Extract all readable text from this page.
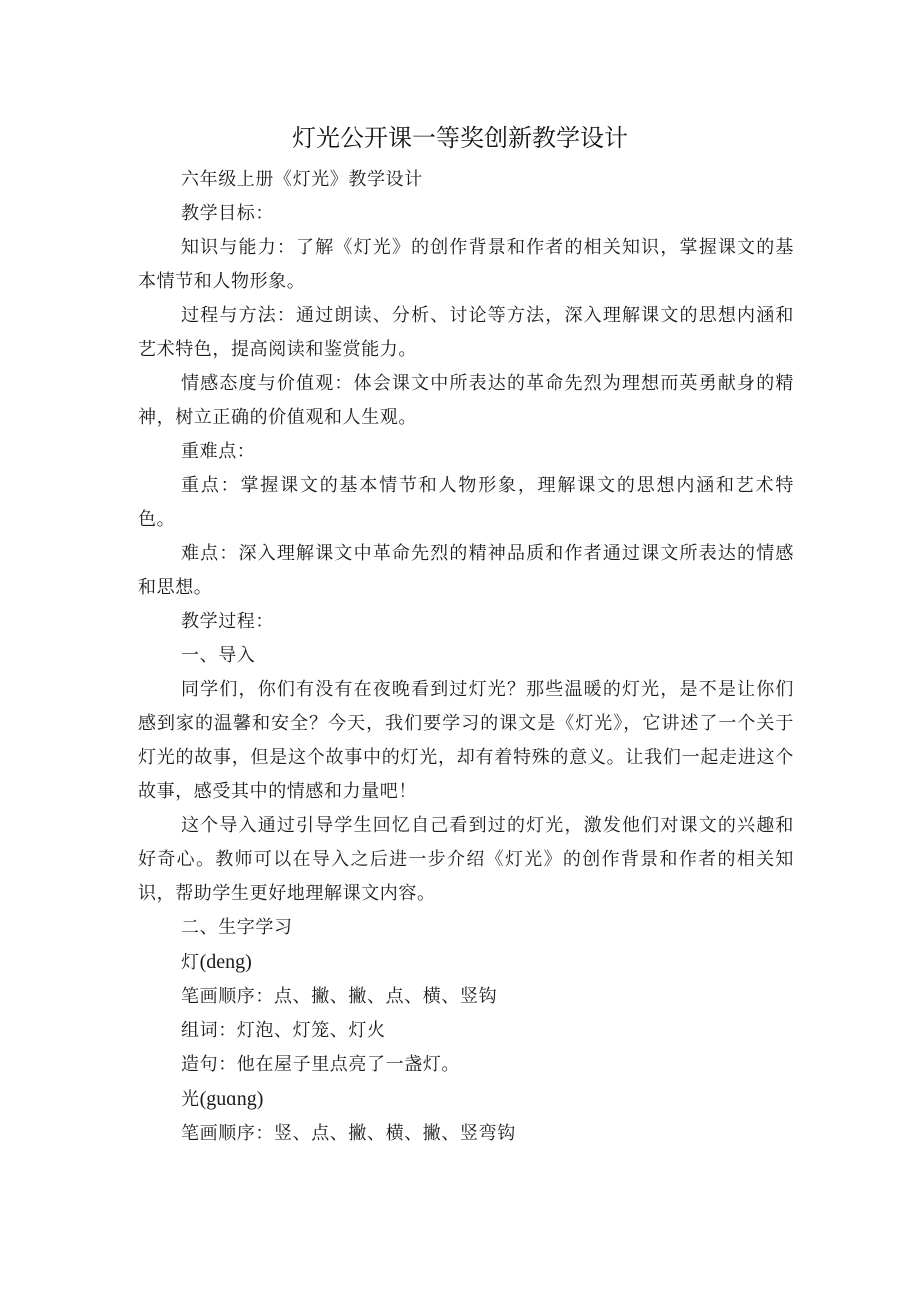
灯光公开课一等奖创新教学设计

六年级上册《灯光》教学设计

教学目标：

知识与能力：了解《灯光》的创作背景和作者的相关知识，掌握课文的基本情节和人物形象。

过程与方法：通过朗读、分析、讨论等方法，深入理解课文的思想内涵和艺术特色，提高阅读和鉴赏能力。

情感态度与价值观：体会课文中所表达的革命先烈为理想而英勇献身的精神，树立正确的价值观和人生观。

重难点：

重点：掌握课文的基本情节和人物形象，理解课文的思想内涵和艺术特色。

难点：深入理解课文中革命先烈的精神品质和作者通过课文所表达的情感和思想。

教学过程：

一、导入

同学们，你们有没有在夜晚看到过灯光？那些温暖的灯光，是不是让你们感到家的温馨和安全？今天，我们要学习的课文是《灯光》，它讲述了一个关于灯光的故事，但是这个故事中的灯光，却有着特殊的意义。让我们一起走进这个故事，感受其中的情感和力量吧！

这个导入通过引导学生回忆自己看到过的灯光，激发他们对课文的兴趣和好奇心。教师可以在导入之后进一步介绍《灯光》的创作背景和作者的相关知识，帮助学生更好地理解课文内容。

二、生字学习

灯(deng)

笔画顺序：点、撇、撇、点、横、竖钩

组词：灯泡、灯笼、灯火

造句：他在屋子里点亮了一盏灯。

光(guɑng)

笔画顺序：竖、点、撇、横、撇、竖弯钩
